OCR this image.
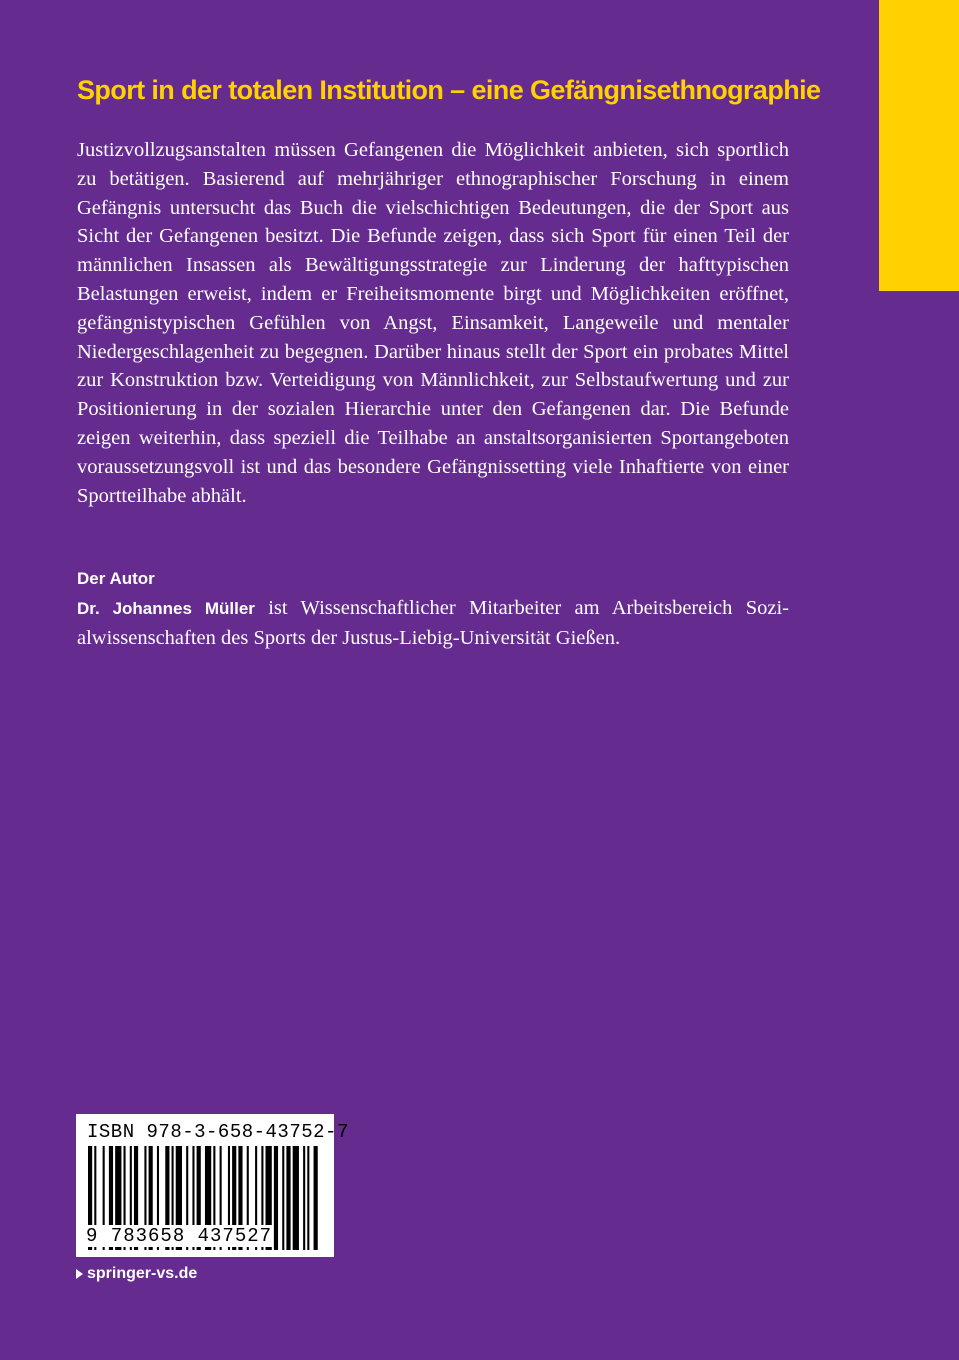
Sport in der totalen Institution – eine Gefängnisethnographie

Justizvollzugsanstalten müssen Gefangenen die Möglichkeit anbieten, sich sportlich zu betätigen. Basierend auf mehrjähriger ethnographischer Forschung in einem Gefängnis untersucht das Buch die vielschichtigen Bedeutungen, die der Sport aus Sicht der Gefangenen besitzt. Die Befunde zeigen, dass sich Sport für einen Teil der männlichen Insassen als Bewältigungsstrategie zur Linderung der hafttypischen Belastungen erweist, indem er Freiheitsmomente birgt und Möglichkeiten eröffnet, gefängnistypischen Gefühlen von Angst, Einsamkeit, Langeweile und mentaler Niedergeschlagenheit zu begegnen. Darüber hinaus stellt der Sport ein probates Mittel zur Konstruktion bzw. Verteidigung von Männlichkeit, zur Selbstaufwertung und zur Positionierung in der sozialen Hierarchie unter den Gefangenen dar. Die Befunde zeigen weiterhin, dass speziell die Teilhabe an anstaltsorganisierten Sportangeboten voraussetzungsvoll ist und das besondere Gefängnissetting viele Inhaftierte von einer Sportteilhabe abhält.

Der Autor

Dr. Johannes Müller ist Wissenschaftlicher Mitarbeiter am Arbeitsbereich Sozialwissenschaften des Sports der Justus-Liebig-Universität Gießen.

ISBN 978-3-658-43752-7
9 783658 437527
springer-vs.de
